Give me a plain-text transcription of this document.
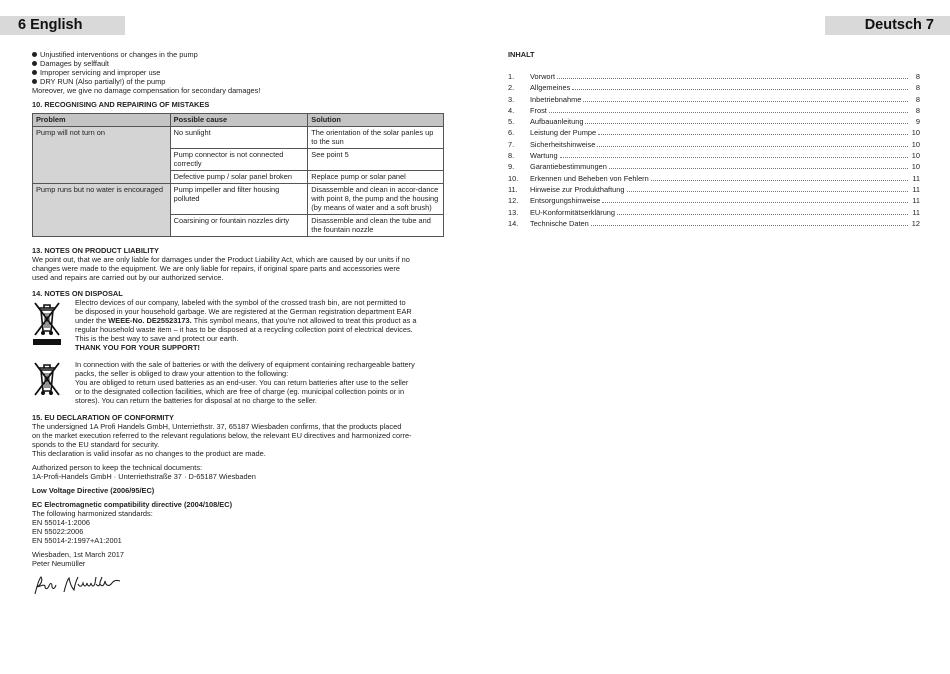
6 English	Deutsch 7
Unjustified interventions or changes in the pump
Damages by selffault
Improper servicing and improper use
DRY RUN (Also partially!) of the pump
Moreover, we give no damage compensation for secondary damages!
10. RECOGNISING AND REPAIRING OF MISTAKES
Problem	Possible cause	Solution
Pump will not turn on	No sunlight	The orientation of the solar panles up to the sun
	Pump connector is not connected correctly	See point 5
	Defective pump / solar panel broken	Replace pump or solar panel
Pump runs but no water is encouraged	Pump impeller and filter housing polluted	Disassemble and clean in accor-dance with point 8, the pump and the housing (by means of water and a soft brush)
	Coarsining or fountain nozzles dirty	Disassemble and clean the tube and the fountain nozzle
13. NOTES ON PRODUCT LIABILITY
We point out, that we are only liable for damages under the Product Liability Act, which are caused by our units if no
changes were made to the equipment. We are only liable for repairs, if original spare parts and accessories were
used and repairs are carried out by our authorized service.
14. NOTES ON DISPOSAL
Electro devices of our company, labeled with the symbol of the crossed trash bin, are not permitted to
be disposed in your household garbage. We are registered at the German registration department EAR
under the WEEE-No. DE25523173. This symbol means, that you're not allowed to treat this product as a
regular household waste item – it has to be disposed at a recycling collection point of electrical devices.
This is the best way to save and protect our earth.
THANK YOU FOR YOUR SUPPORT!
In connection with the sale of batteries or with the delivery of equipment containing rechargeable battery
packs, the seller is obliged to draw your attention to the following:
You are obliged to return used batteries as an end-user. You can return batteries after use to the seller
or to the designated collection facilities, which are free of charge (eg. municipal collection points or in
stores). You can return the batteries for disposal at no charge to the seller.
15. EU DECLARATION OF CONFORMITY
The undersigned 1A Profi Handels GmbH, Unterriethstr. 37, 65187 Wiesbaden confirms, that the products placed
on the market execution referred to the relevant regulations below, the relevant EU directives and harmonized corre-
sponds to the EU standard for security.
This declaration is valid insofar as no changes to the product are made.
Authorized person to keep the technical documents:
1A-Profi-Handels GmbH · Unterriethstraße 37 · D-65187 Wiesbaden
Low Voltage Directive (2006/95/EC)
EC Electromagnetic compatibility directive (2004/108/EC)
The following harmonized standards:
EN 55014-1:2006
EN 55022:2006
EN 55014-2:1997+A1:2001
Wiesbaden, 1st March 2017
Peter Neumüller
INHALT
1.	Vorwort	8
2.	Allgemeines	8
3.	Inbetriebnahme	8
4.	Frost	8
5.	Aufbauanleitung	9
6.	Leistung der Pumpe	10
7.	Sicherheitshinweise	10
8.	Wartung	10
9.	Garantiebestimmungen	10
10.	Erkennen und Beheben von Fehlern	11
11.	Hinweise zur Produkthaftung	11
12.	Entsorgungshinweise	11
13.	EU-Konformitätserklärung	11
14.	Technische Daten	12
